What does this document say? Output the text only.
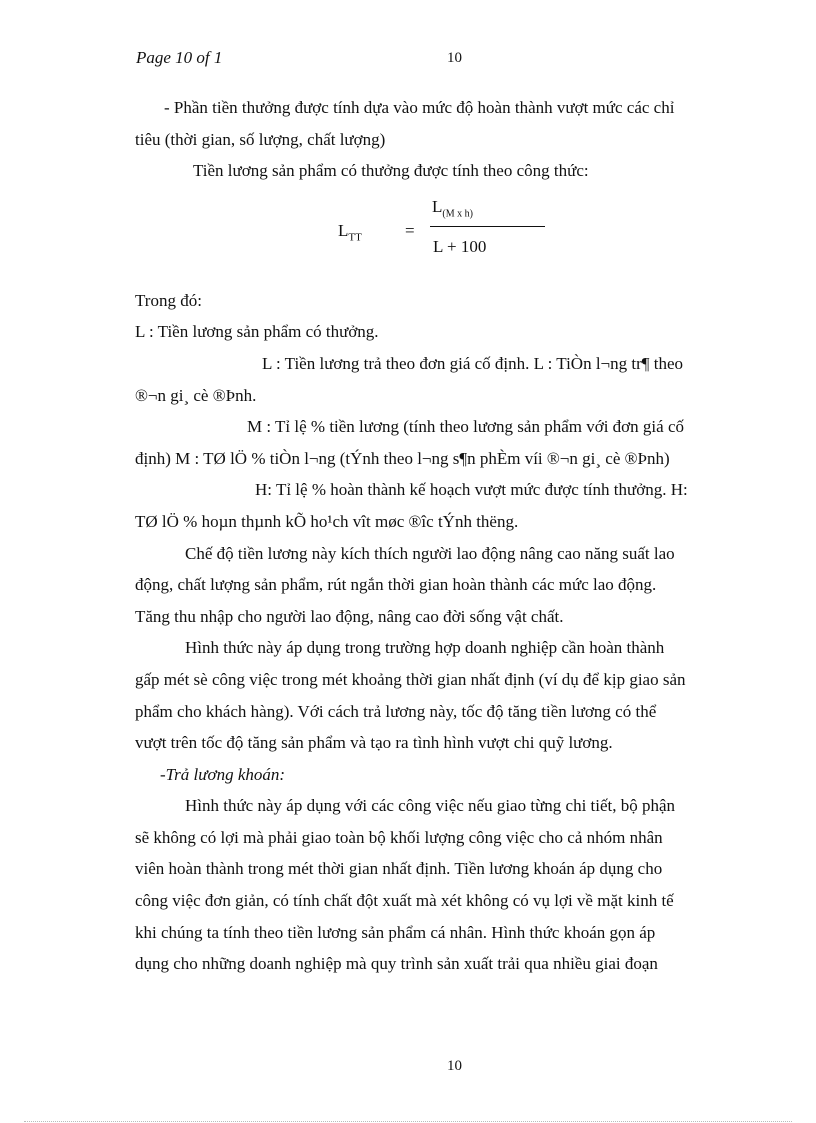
Page 10 of 1	10
- Phần tiền thưởng được tính dựa vào mức độ hoàn thành vượt mức các chỉ
tiêu (thời gian, số lượng, chất lượng)
Tiền lương sản phẩm có thưởng được tính theo công thức:
$L_{TT}$	=
$L_{(M x h)}$
L + 100
Trong đó:
L : Tiền lương sản phẩm có thưởng.
L : Tiền lương trả theo đơn giá cố định. L : TiÒn l¬ng tr¶ theo
®¬n gi¸ cè ®Þnh.
M : Tỉ lệ % tiền lương (tính theo lương sản phẩm với đơn giá cố
định) M : TØ lÖ % tiÒn l¬ng (tÝnh theo l¬ng s¶n phÈm víi ®¬n gi¸ cè ®Þnh)
H: Tỉ lệ % hoàn thành kế hoạch vượt mức được tính thưởng. H:
TØ lÖ % hoµn thµnh kÕ ho¹ch vît møc ®îc tÝnh thëng.
Chế độ tiền lương này kích thích người lao động nâng cao năng suất lao
động, chất lượng sản phẩm, rút ngắn thời gian hoàn thành các mức lao động.
Tăng thu nhập cho người lao động, nâng cao đời sống vật chất.
Hình thức này áp dụng trong trường hợp doanh nghiệp cần hoàn thành
gấp mét sè công việc trong mét khoảng thời gian nhất định (ví dụ để kịp giao sản
phẩm cho khách hàng). Với cách trả lương này, tốc độ tăng tiền lương có thể
vượt trên tốc độ tăng sản phẩm và tạo ra tình hình vượt chi quỹ lương.
-Trả lương khoán:
Hình thức này áp dụng với các công việc nếu giao từng chi tiết, bộ phận
sẽ không có lợi mà phải giao toàn bộ khối lượng công việc cho cả nhóm nhân
viên hoàn thành trong mét thời gian nhất định. Tiền lương khoán áp dụng cho
công việc đơn giản, có tính chất đột xuất mà xét không có vụ lợi về mặt kinh tế
khi chúng ta tính theo tiền lương sản phẩm cá nhân. Hình thức khoán gọn áp
dụng cho những doanh nghiệp mà quy trình sản xuất trải qua nhiều giai đoạn
10
